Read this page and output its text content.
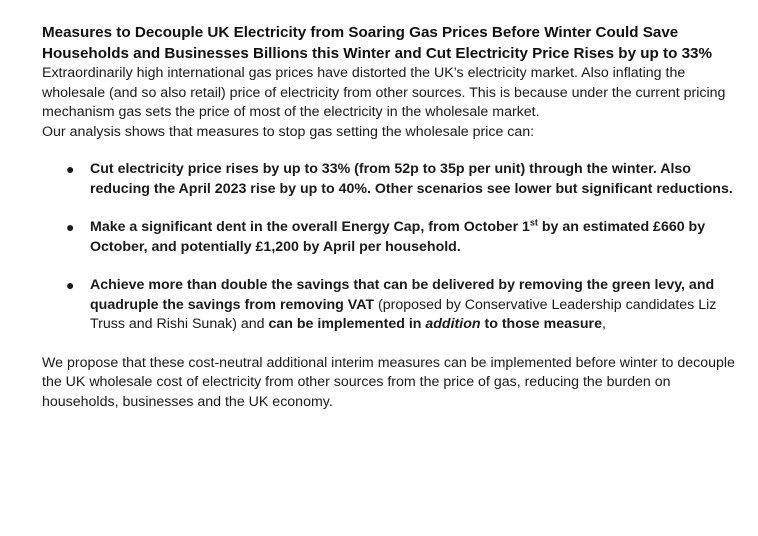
Measures to Decouple UK Electricity from Soaring Gas Prices Before Winter Could Save Households and Businesses Billions this Winter and Cut Electricity Price Rises by up to 33%

Extraordinarily high international gas prices have distorted the UK’s electricity market. Also inflating the wholesale (and so also retail) price of electricity from other sources. This is because under the current pricing mechanism gas sets the price of most of the electricity in the wholesale market.

Our analysis shows that measures to stop gas setting the wholesale price can:

● Cut electricity price rises by up to 33% (from 52p to 35p per unit) through the winter. Also reducing the April 2023 rise by up to 40%. Other scenarios see lower but significant reductions.
● Make a significant dent in the overall Energy Cap, from October 1st by an estimated £660 by October, and potentially £1,200 by April per household.
● Achieve more than double the savings that can be delivered by removing the green levy, and quadruple the savings from removing VAT (proposed by Conservative Leadership candidates Liz Truss and Rishi Sunak) and can be implemented in addition to those measure,

We propose that these cost-neutral additional interim measures can be implemented before winter to decouple the UK wholesale cost of electricity from other sources from the price of gas, reducing the burden on households, businesses and the UK economy.
